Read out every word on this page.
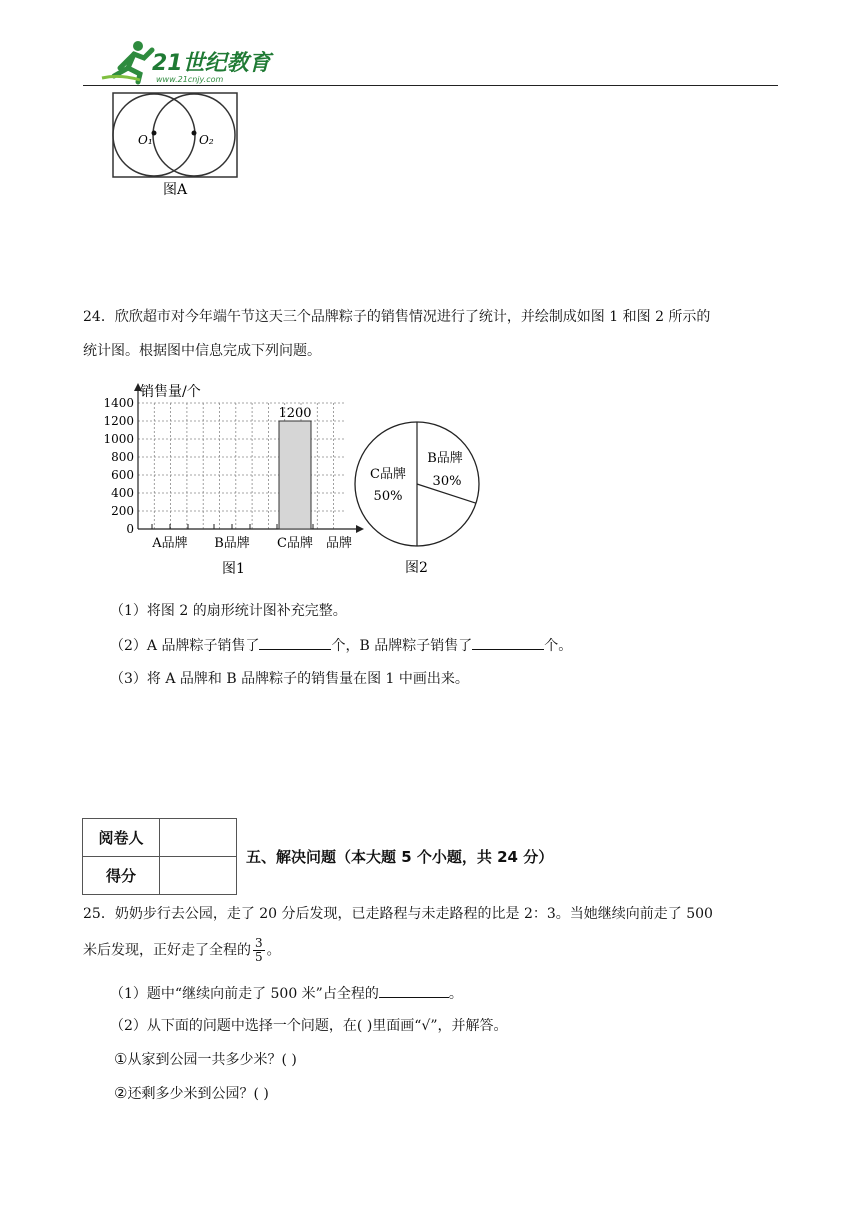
21世纪教育
www.21cnjy.com
O₁	O₂
图A
24．欣欣超市对今年端午节这天三个品牌粽子的销售情况进行了统计，并绘制成如图 1 和图 2 所示的
统计图。根据图中信息完成下列问题。
销售量/个
品牌
图1
0
200
400
600
800
1000
1200
1400
A品牌 B品牌 C品牌
1200
图2
C品牌
50%
B品牌
30%
（1）将图 2 的扇形统计图补充完整。
（2）A 品牌粽子销售了	个，B 品牌粽子销售了	个。
（3）将 A 品牌和 B 品牌粽子的销售量在图 1 中画出来。
阅卷人	
得分	
五、解决问题（本大题 5 个小题，共 24 分）
25．奶奶步行去公园，走了 20 分后发现，已走路程与未走路程的比是 2：3。当她继续向前走了 500
米后发现，正好走了全程的 $\frac{3}{5}$ 。
（1）题中“继续向前走了 500 米”占全程的	。
（2）从下面的问题中选择一个问题，在( )里面画“√”，并解答。
①从家到公园一共多少米？( )
②还剩多少米到公园？( )
